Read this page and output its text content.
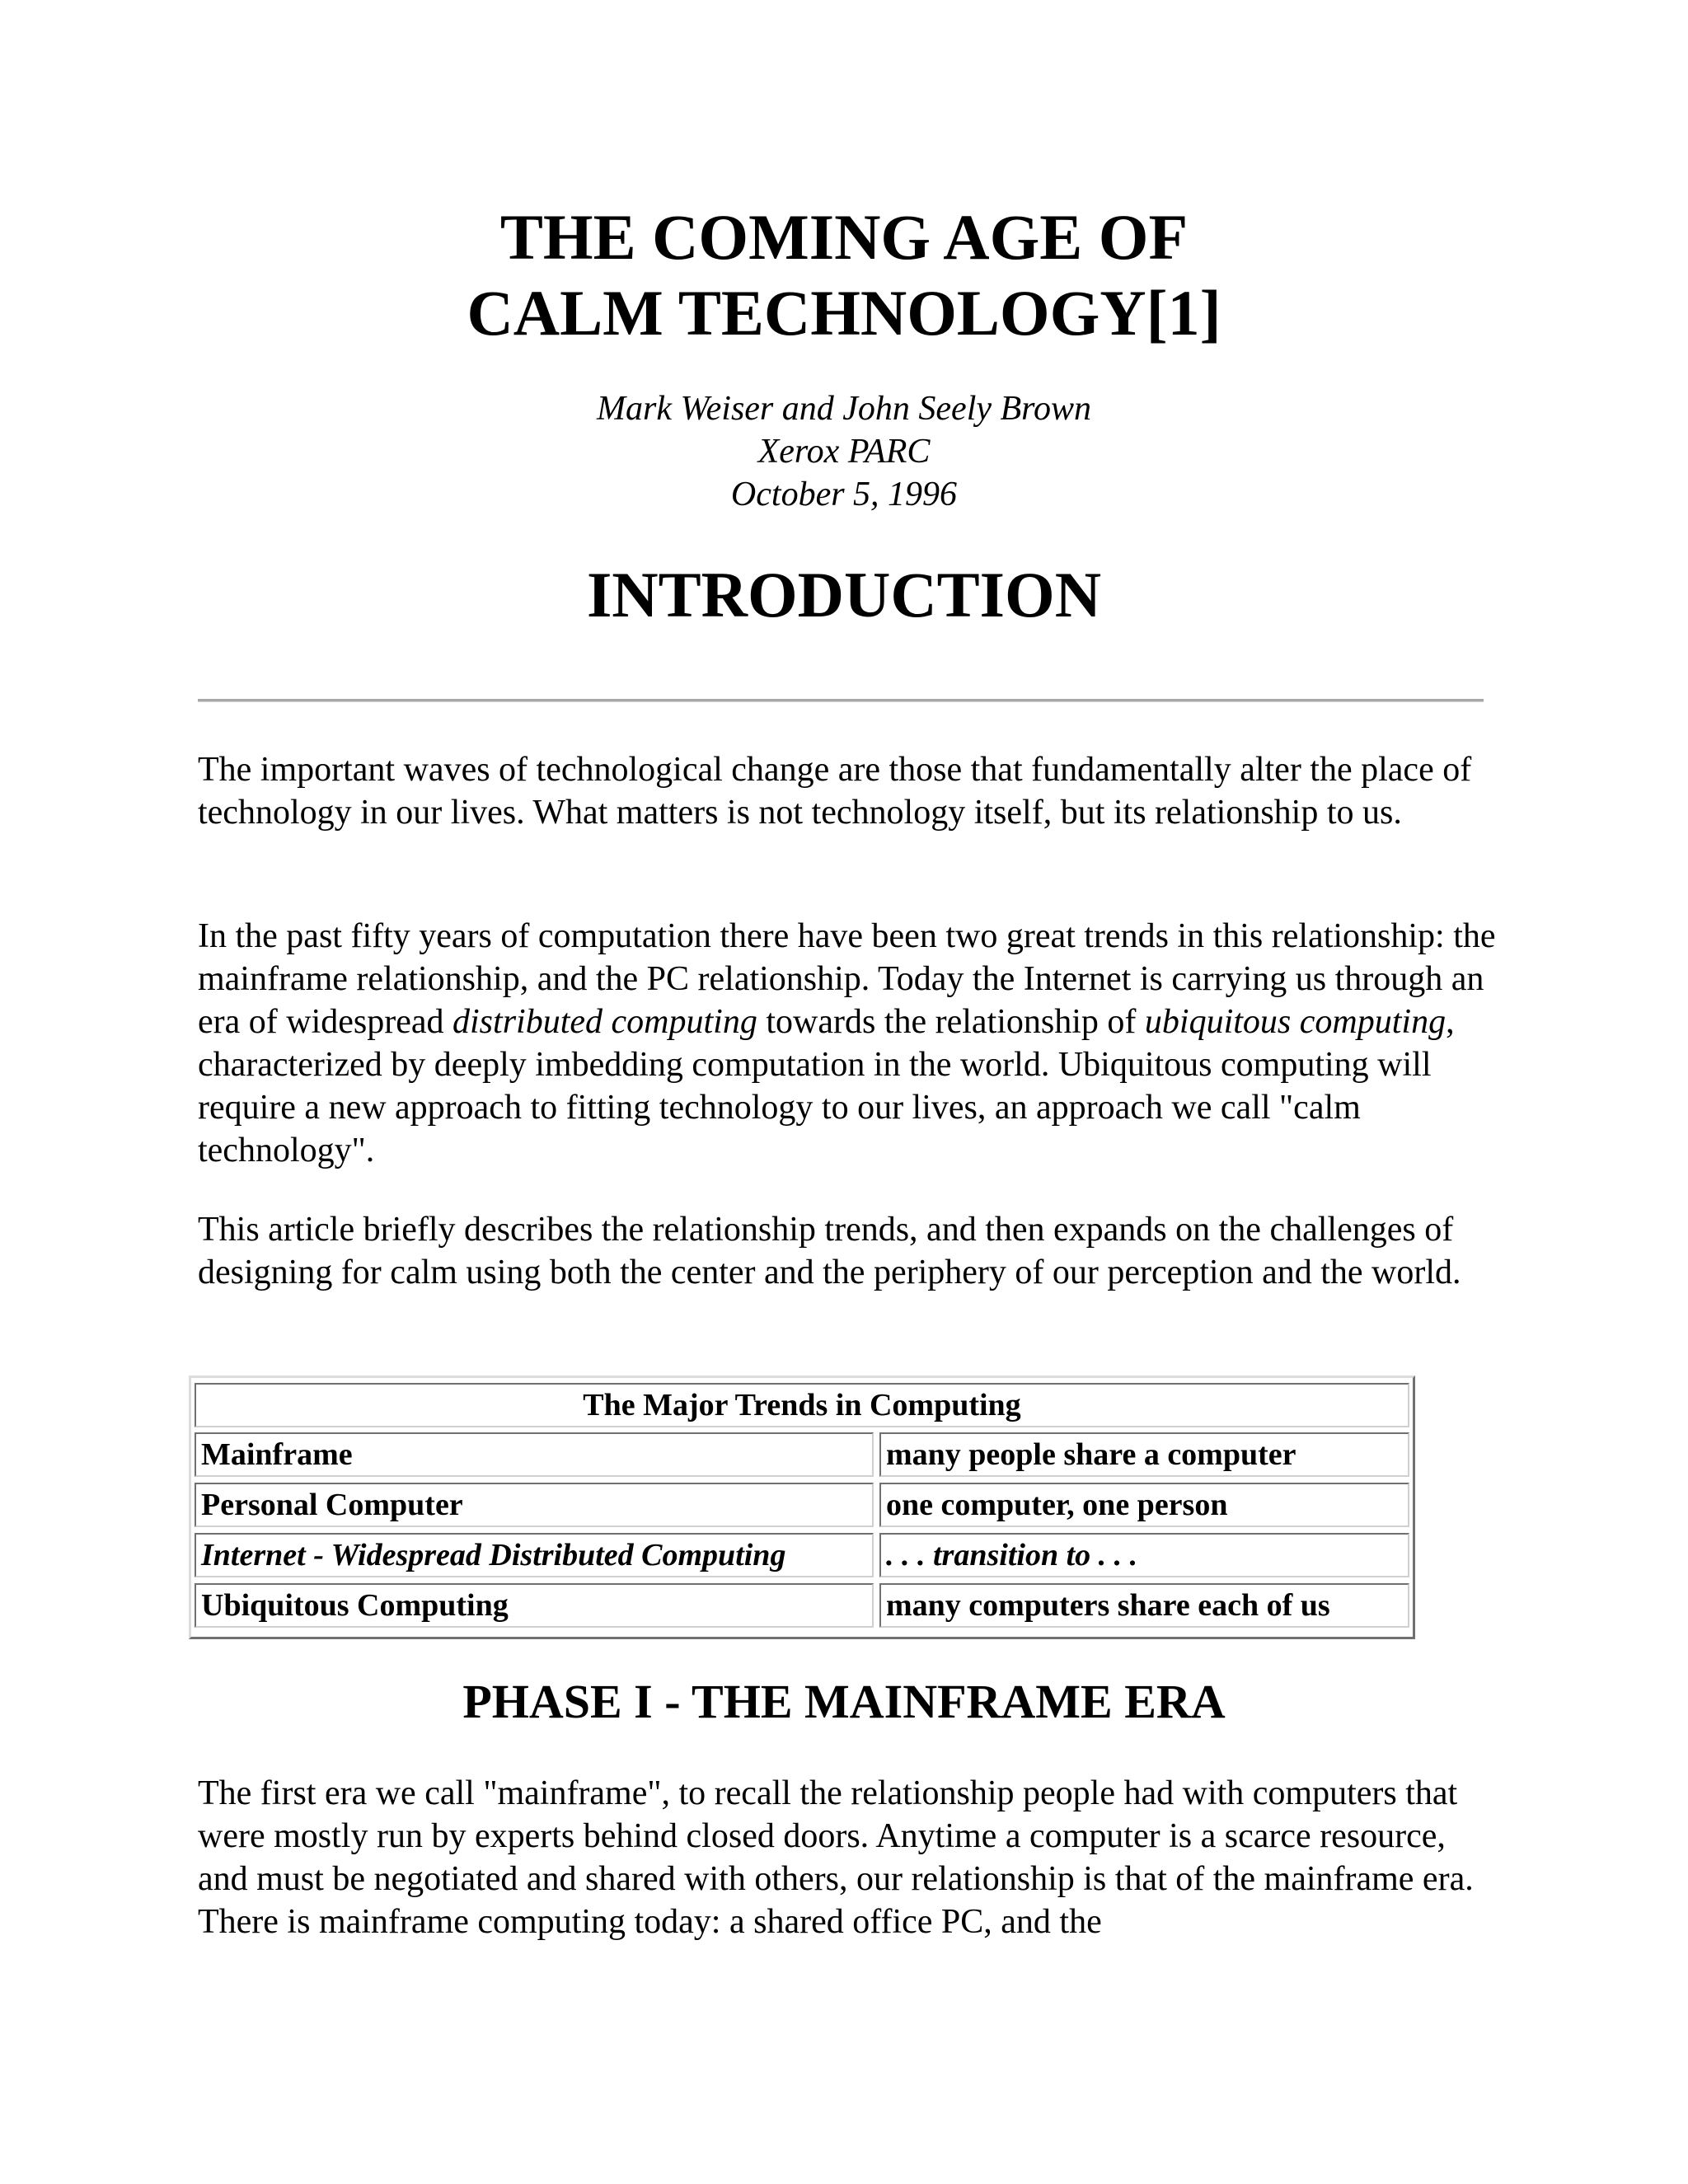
THE COMING AGE OF
CALM TECHNOLOGY[1]
Mark Weiser and John Seely Brown
Xerox PARC
October 5, 1996
INTRODUCTION

The important waves of technological change are those that fundamentally alter the place of technology in our lives. What matters is not technology itself, but its relationship to us.

In the past fifty years of computation there have been two great trends in this relationship: the mainframe relationship, and the PC relationship. Today the Internet is carrying us through an era of widespread distributed computing towards the relationship of ubiquitous computing, characterized by deeply imbedding computation in the world. Ubiquitous computing will require a new approach to fitting technology to our lives, an approach we call "calm technology".

This article briefly describes the relationship trends, and then expands on the challenges of designing for calm using both the center and the periphery of our perception and the world.

The Major Trends in Computing
Mainframe	many people share a computer
Personal Computer	one computer, one person
Internet - Widespread Distributed Computing	. . . transition to . . .
Ubiquitous Computing	many computers share each of us
PHASE I - THE MAINFRAME ERA

The first era we call "mainframe", to recall the relationship people had with computers that were mostly run by experts behind closed doors. Anytime a computer is a scarce resource, and must be negotiated and shared with others, our relationship is that of the mainframe era. There is mainframe computing today: a shared office PC, and the
